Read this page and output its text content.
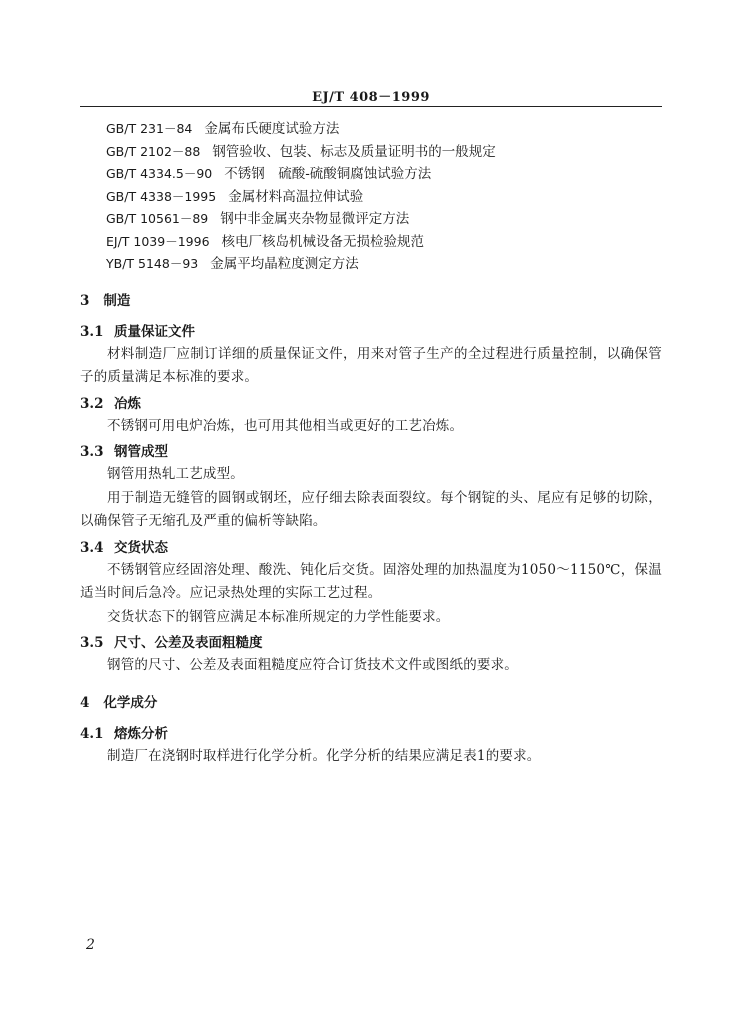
EJ/T 408－1999
GB/T 231－84 金属布氏硬度试验方法
GB/T 2102－88 钢管验收、包装、标志及质量证明书的一般规定
GB/T 4334.5－90 不锈钢　硫酸-硫酸铜腐蚀试验方法
GB/T 4338－1995 金属材料高温拉伸试验
GB/T 10561－89 钢中非金属夹杂物显微评定方法
EJ/T 1039－1996 核电厂核岛机械设备无损检验规范
YB/T 5148－93 金属平均晶粒度测定方法
3 制造
3.1 质量保证文件

材料制造厂应制订详细的质量保证文件，用来对管子生产的全过程进行质量控制，以确保管子的质量满足本标准的要求。

3.2 冶炼

不锈钢可用电炉冶炼，也可用其他相当或更好的工艺冶炼。

3.3 钢管成型

钢管用热轧工艺成型。

用于制造无缝管的圆钢或钢坯，应仔细去除表面裂纹。每个钢锭的头、尾应有足够的切除，以确保管子无缩孔及严重的偏析等缺陷。

3.4 交货状态

不锈钢管应经固溶处理、酸洗、钝化后交货。固溶处理的加热温度为1050～1150℃，保温适当时间后急冷。应记录热处理的实际工艺过程。

交货状态下的钢管应满足本标准所规定的力学性能要求。

3.5 尺寸、公差及表面粗糙度

钢管的尺寸、公差及表面粗糙度应符合订货技术文件或图纸的要求。

4 化学成分
4.1 熔炼分析

制造厂在浇钢时取样进行化学分析。化学分析的结果应满足表1的要求。

2
